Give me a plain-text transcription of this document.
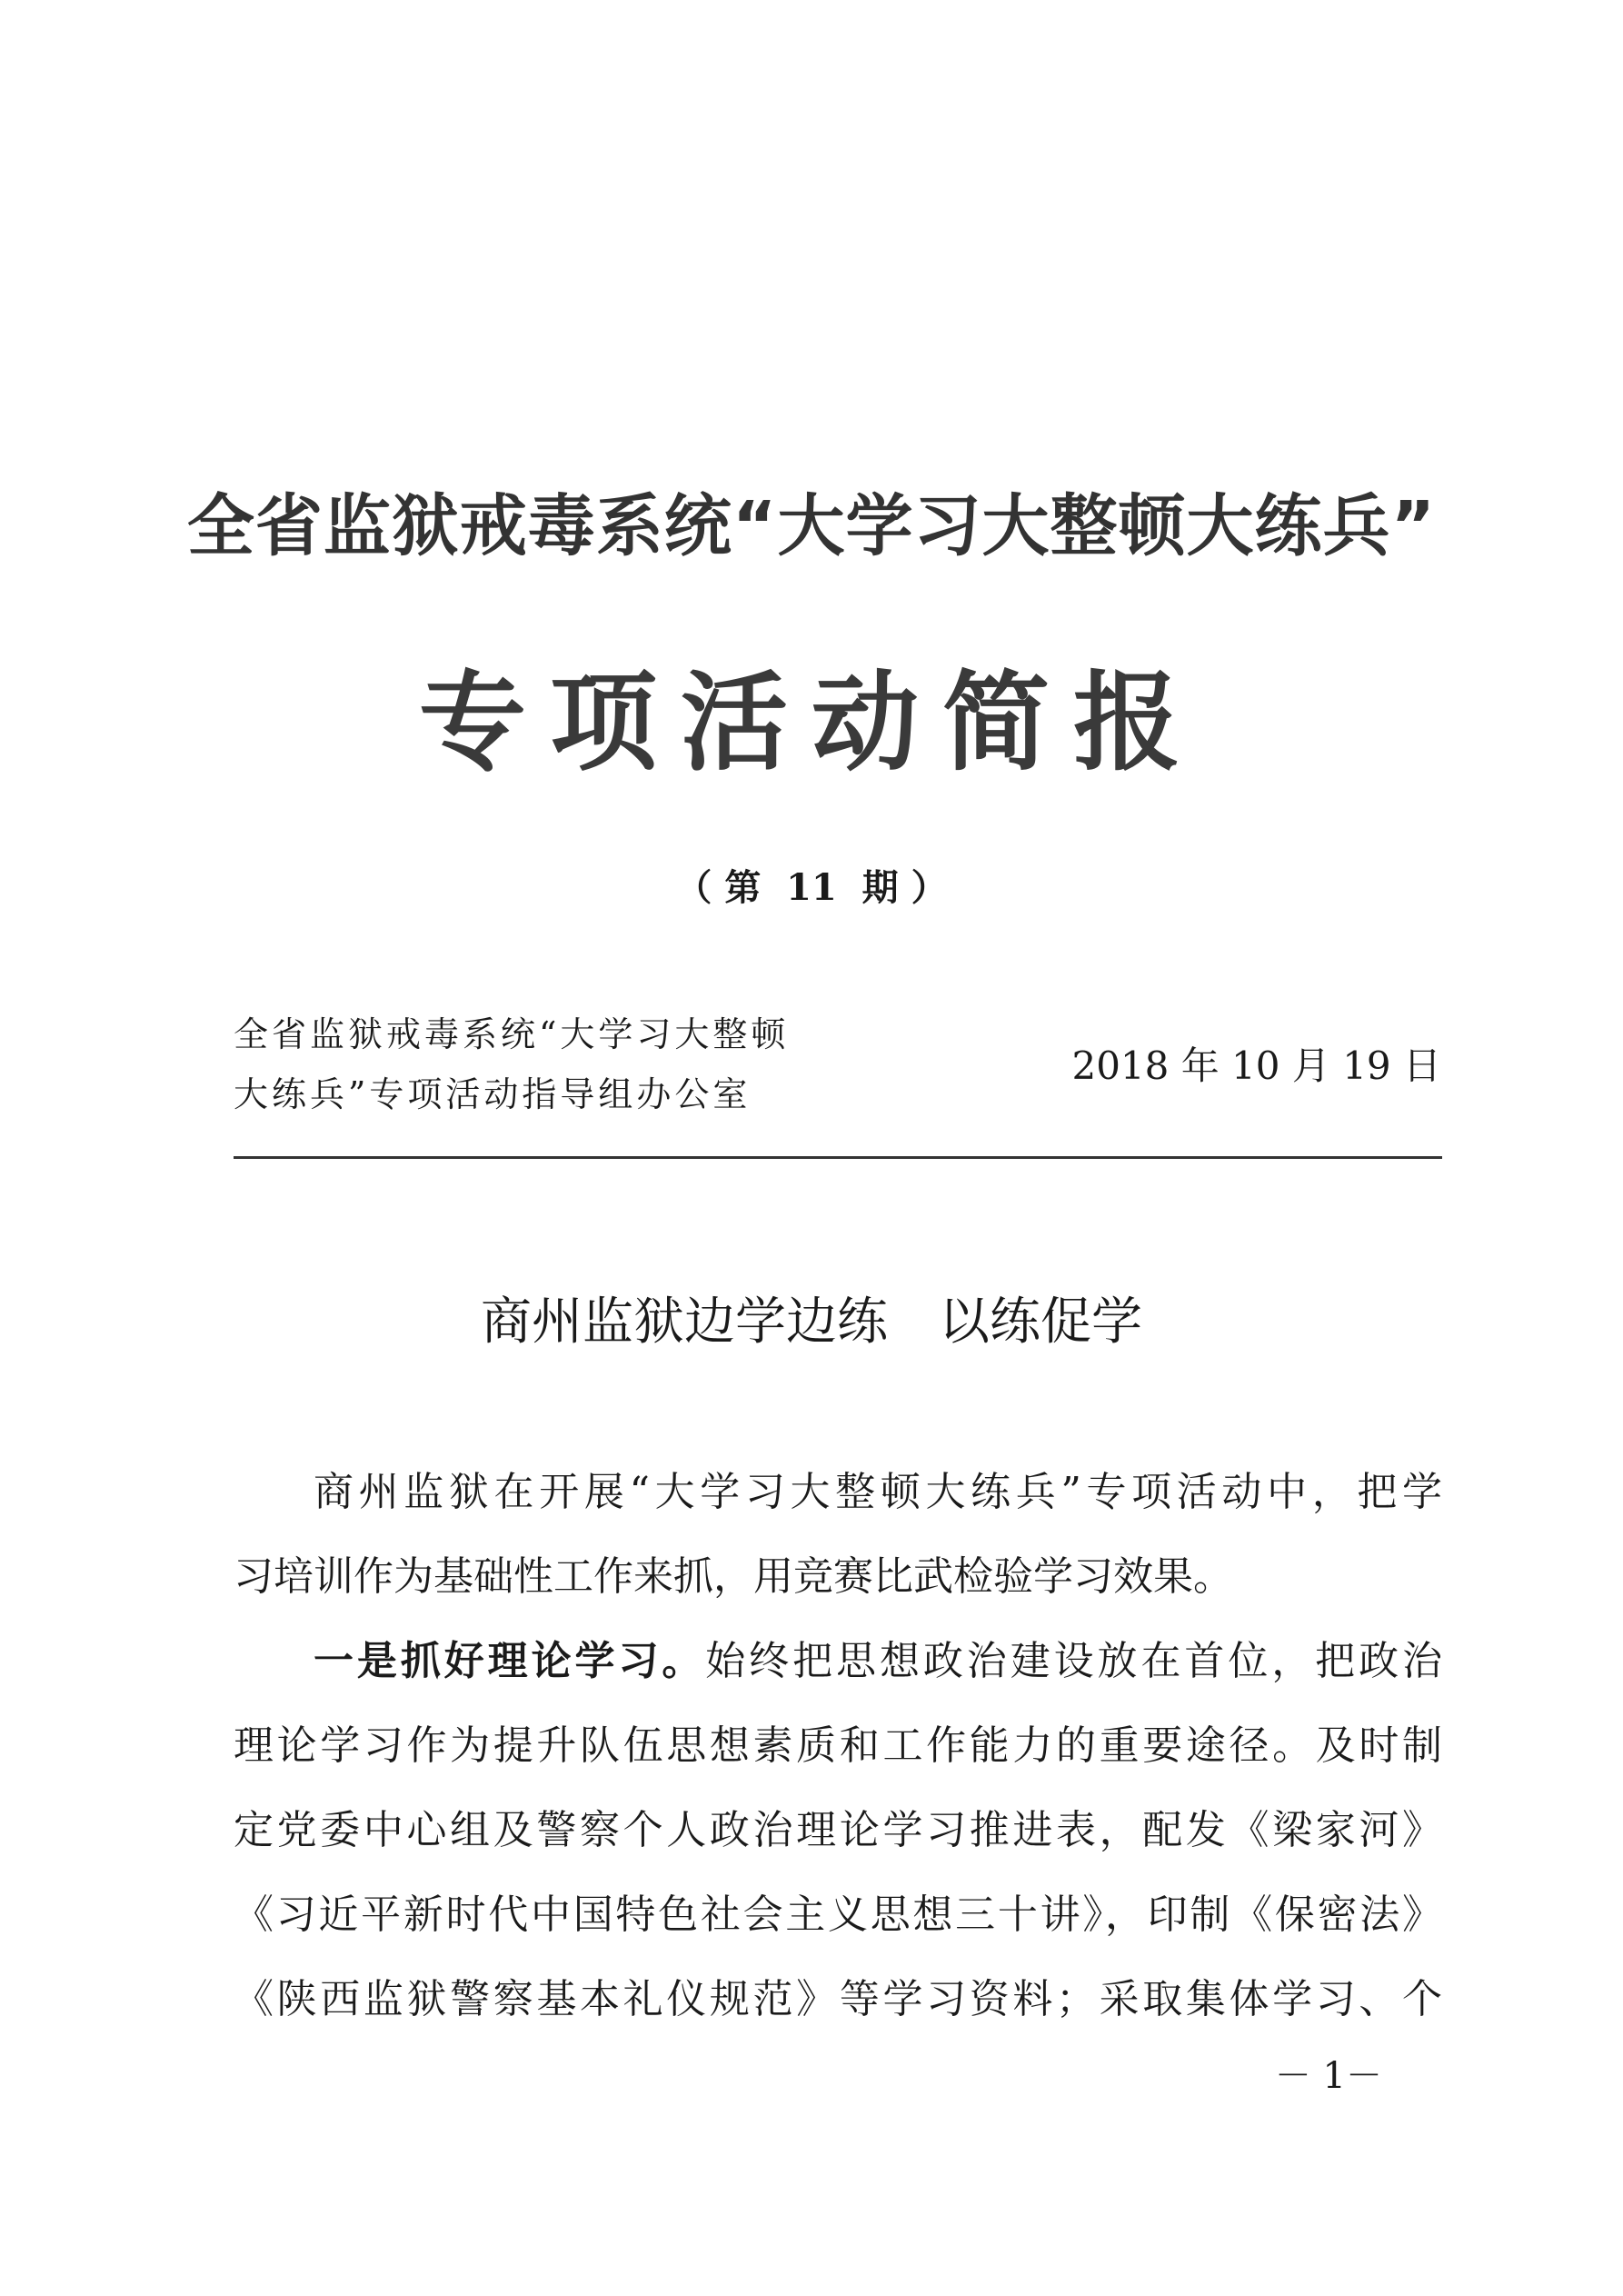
全省监狱戒毒系统“大学习大整顿大练兵”
专项活动简报
（ 第  11  期 ）
全省监狱戒毒系统“大学习大整顿
大练兵”专项活动指导组办公室
2018 年 10 月 19 日
商州监狱边学边练　以练促学
商州监狱在开展“大学习大整顿大练兵”专项活动中，把学
习培训作为基础性工作来抓，用竞赛比武检验学习效果。
一是抓好理论学习。始终把思想政治建设放在首位，把政治
理论学习作为提升队伍思想素质和工作能力的重要途径。及时制
定党委中心组及警察个人政治理论学习推进表，配发《梁家河》
《习近平新时代中国特色社会主义思想三十讲》，印制《保密法》
《陕西监狱警察基本礼仪规范》等学习资料；采取集体学习、个
－ 1－
